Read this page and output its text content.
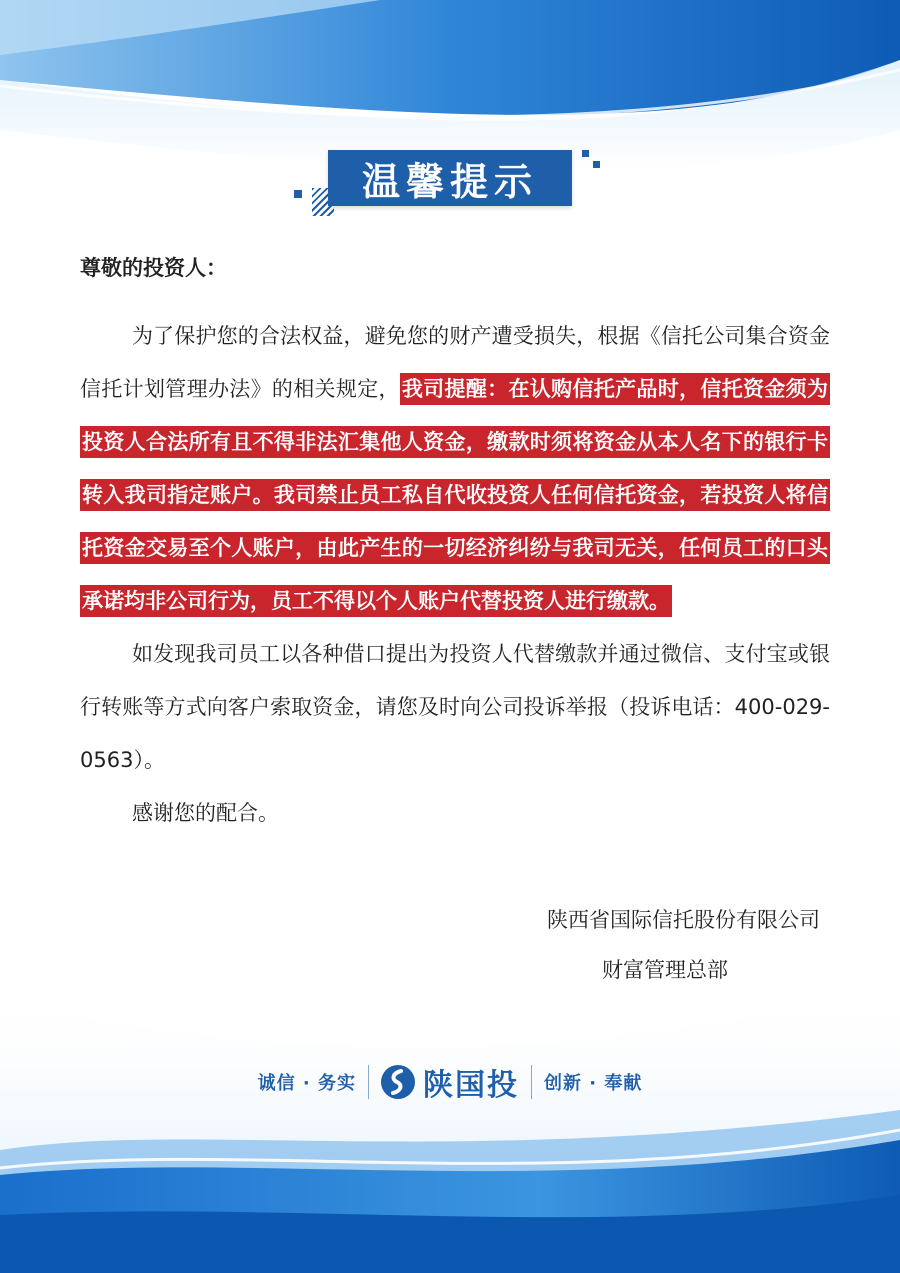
温馨提示

尊敬的投资人：

为了保护您的合法权益，避免您的财产遭受损失，根据《信托公司集合资金信托计划管理办法》的相关规定，我司提醒：在认购信托产品时，信托资金须为投资人合法所有且不得非法汇集他人资金，缴款时须将资金从本人名下的银行卡转入我司指定账户。我司禁止员工私自代收投资人任何信托资金，若投资人将信托资金交易至个人账户，由此产生的一切经济纠纷与我司无关，任何员工的口头承诺均非公司行为，员工不得以个人账户代替投资人进行缴款。

如发现我司员工以各种借口提出为投资人代替缴款并通过微信、支付宝或银行转账等方式向客户索取资金，请您及时向公司投诉举报（投诉电话：400-029-0563）。

感谢您的配合。

陕西省国际信托股份有限公司
财富管理总部
诚信 · 务实 陕国投 创新 · 奉献
